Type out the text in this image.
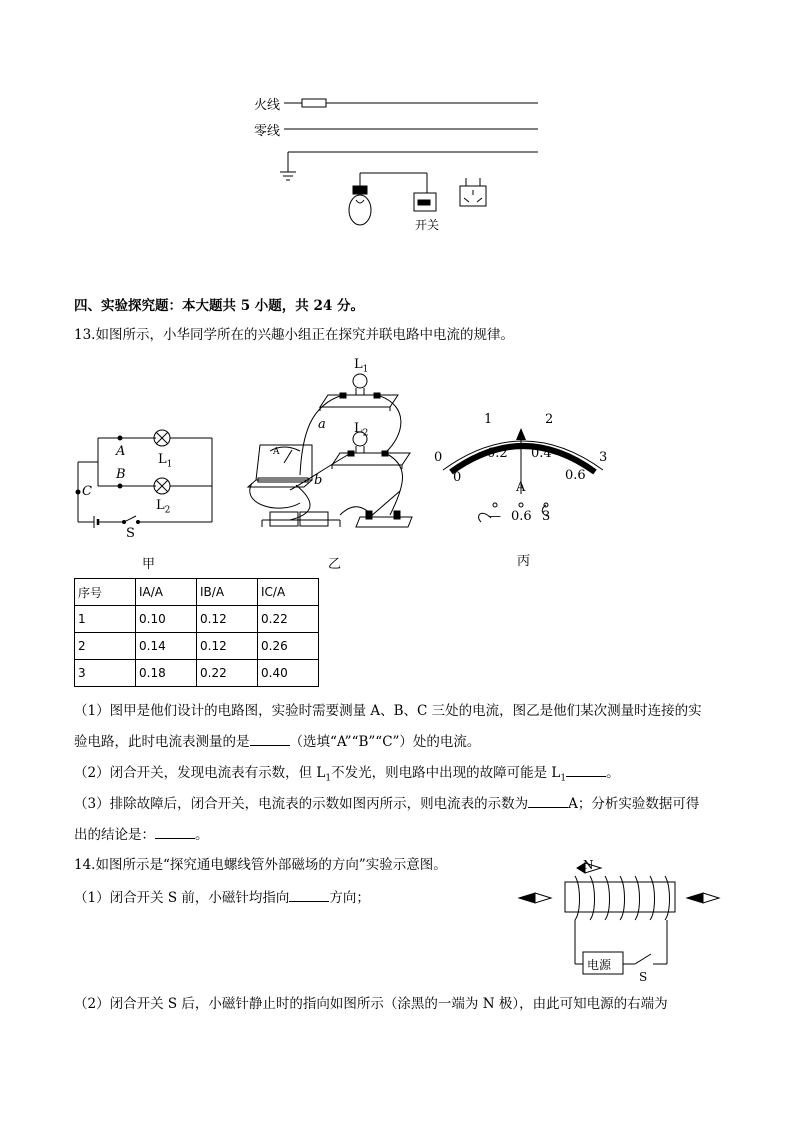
火线
零线
开关
四、实验探究题：本大题共 5 小题，共 24 分。
13.如图所示，小华同学所在的兴趣小组正在探究并联电路中电流的规律。
A
B
C
$L_1$
$L_2$
S
甲
$L_1$
$L_2$
a
b
A
乙
0
1	2
3
0
0.2 0.4
0.6
A
— 0.6 3
丙
序号	IA/A	IB/A	IC/A
1	0.10	0.12	0.22
2	0.14	0.12	0.26
3	0.18	0.22	0.40
（1）图甲是他们设计的电路图，实验时需要测量 A、B、C 三处的电流，图乙是他们某次测量时连接的实
验电路，此时电流表测量的是	（选填“A”“B”“C”）处的电流。
（2）闭合开关，发现电流表有示数，但 $L_1$不发光，则电路中出现的故障可能是 $L_1$	。
（3）排除故障后，闭合开关，电流表的示数如图丙所示，则电流表的示数为	A；分析实验数据可得
出的结论是：	。
14.如图所示是“探究通电螺线管外部磁场的方向”实验示意图。
（1）闭合开关 S 前，小磁针均指向	方向；
N
电源
S
（2）闭合开关 S 后，小磁针静止时的指向如图所示（涂黑的一端为 N 极），由此可知电源的右端为
